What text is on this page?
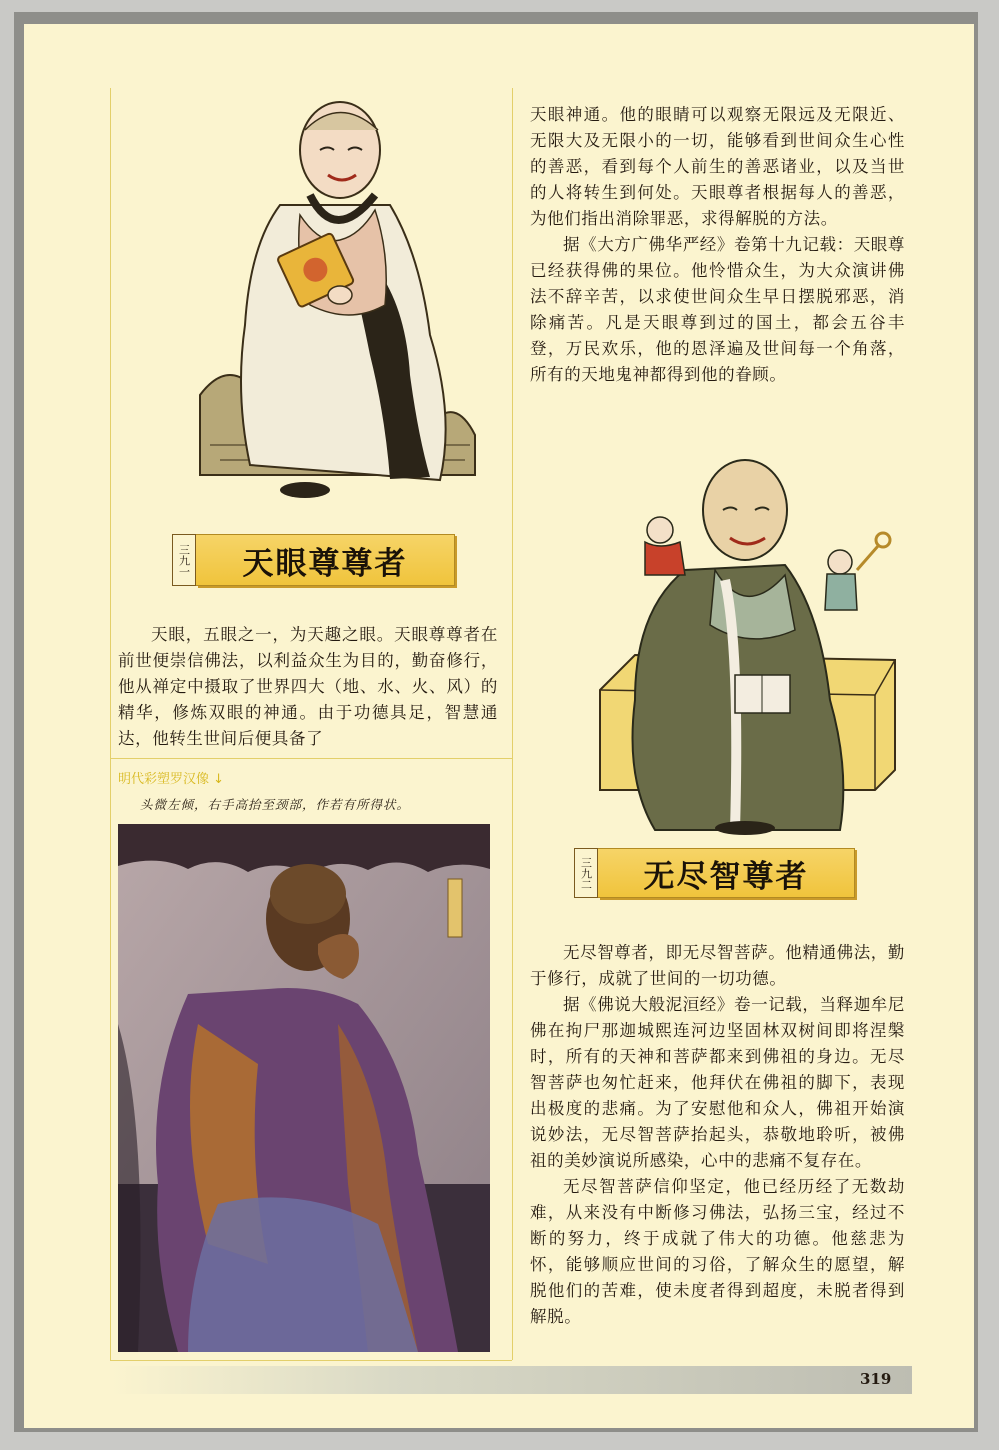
三九一	天眼尊尊者

天眼，五眼之一，为天趣之眼。天眼尊尊者在前世便崇信佛法，以利益众生为目的，勤奋修行，他从禅定中摄取了世界四大（地、水、火、风）的精华，修炼双眼的神通。由于功德具足，智慧通达，他转生世间后便具备了

明代彩塑罗汉像 ↓
头微左倾，右手高抬至颈部，作若有所得状。

天眼神通。他的眼睛可以观察无限远及无限近、无限大及无限小的一切，能够看到世间众生心性的善恶，看到每个人前生的善恶诸业，以及当世的人将转生到何处。天眼尊者根据每人的善恶，为他们指出消除罪恶，求得解脱的方法。

据《大方广佛华严经》卷第十九记载：天眼尊已经获得佛的果位。他怜惜众生，为大众演讲佛法不辞辛苦，以求使世间众生早日摆脱邪恶，消除痛苦。凡是天眼尊到过的国土，都会五谷丰登，万民欢乐，他的恩泽遍及世间每一个角落，所有的天地鬼神都得到他的眷顾。

三九二	无尽智尊者

无尽智尊者，即无尽智菩萨。他精通佛法，勤于修行，成就了世间的一切功德。

据《佛说大般泥洹经》卷一记载，当释迦牟尼佛在拘尸那迦城熙连河边坚固林双树间即将涅槃时，所有的天神和菩萨都来到佛祖的身边。无尽智菩萨也匆忙赶来，他拜伏在佛祖的脚下，表现出极度的悲痛。为了安慰他和众人，佛祖开始演说妙法，无尽智菩萨抬起头，恭敬地聆听，被佛祖的美妙演说所感染，心中的悲痛不复存在。

无尽智菩萨信仰坚定，他已经历经了无数劫难，从来没有中断修习佛法，弘扬三宝，经过不断的努力，终于成就了伟大的功德。他慈悲为怀，能够顺应世间的习俗，了解众生的愿望，解脱他们的苦难，使未度者得到超度，未脱者得到解脱。

319
